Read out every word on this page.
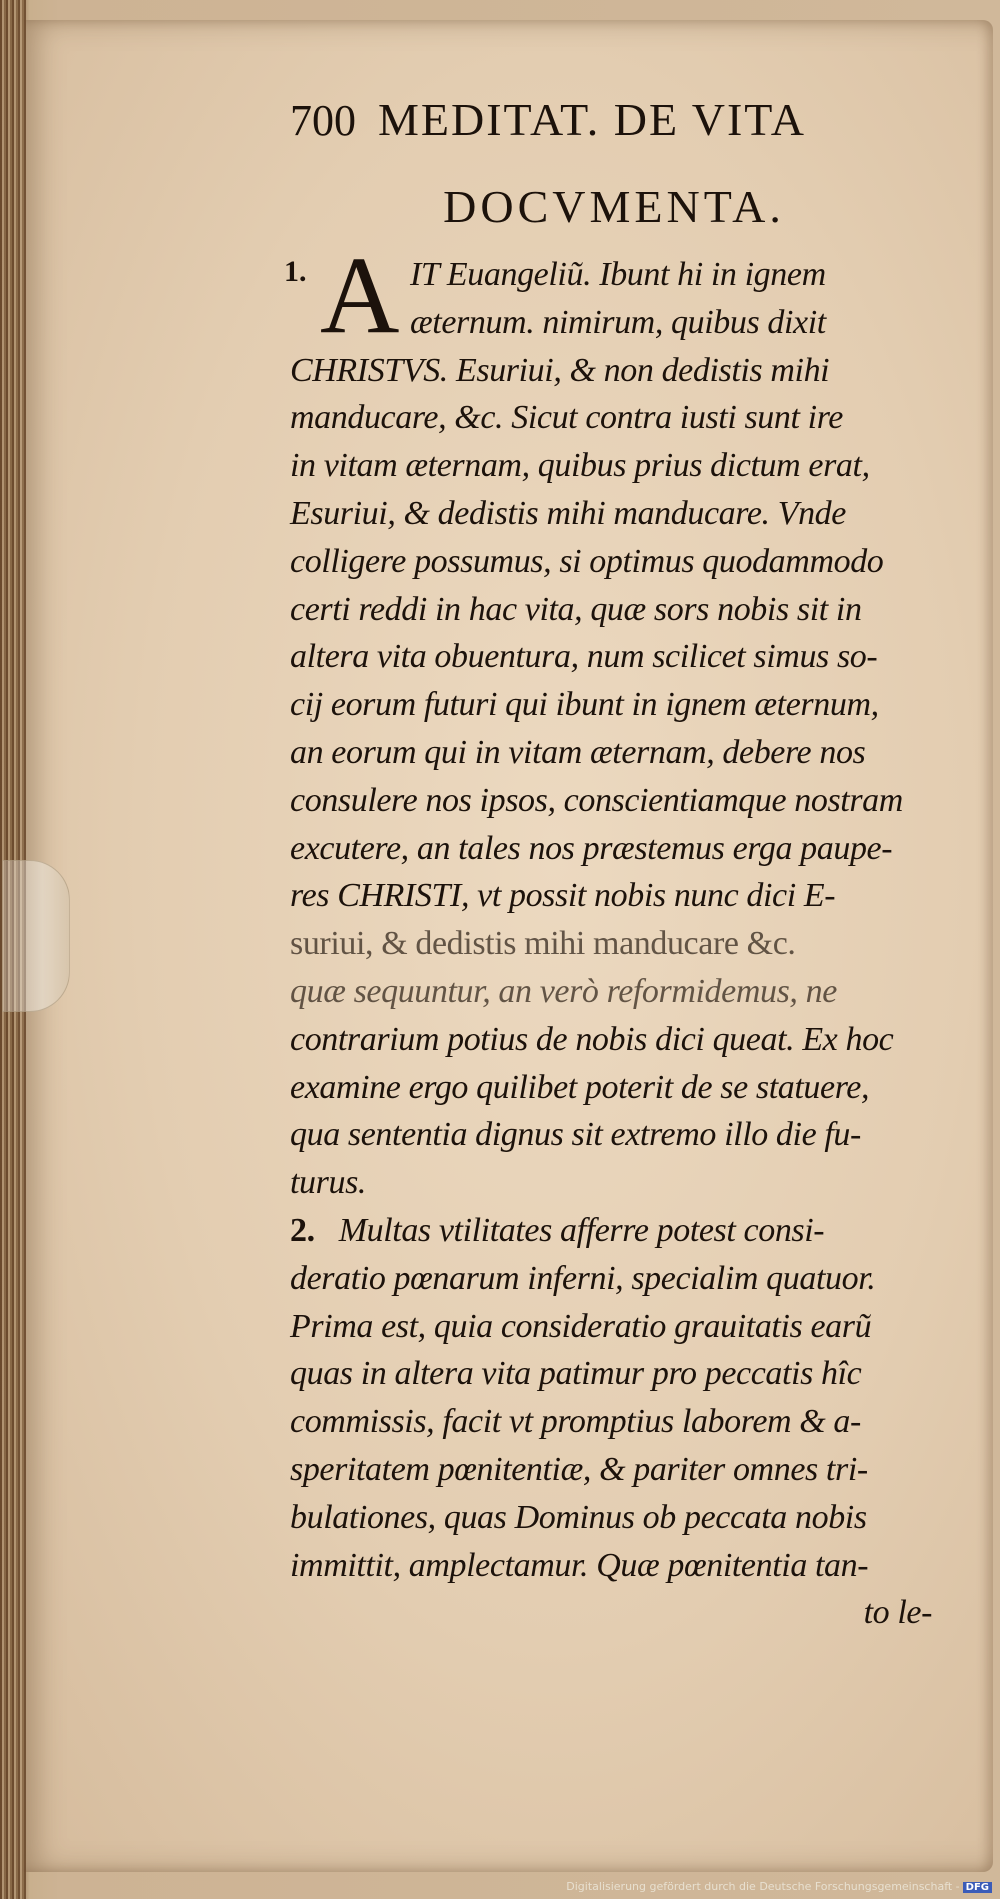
700 MEDITAT. DE VITA
DOCVMENTA.
1. A IT Euangeliũ. Ibunt hi in ignem
æternum. nimirum, quibus dixit
CHRISTVS. Esuriui, & non dedistis mihi
manducare, &c. Sicut contra iusti sunt ire
in vitam æternam, quibus prius dictum erat,
Esuriui, & dedistis mihi manducare. Vnde
colligere possumus, si optimus quodammodo
certi reddi in hac vita, quæ sors nobis sit in
altera vita obuentura, num scilicet simus so-
cij eorum futuri qui ibunt in ignem æternum,
an eorum qui in vitam æternam, debere nos
consulere nos ipsos, conscientiamque nostram
excutere, an tales nos præstemus erga paupe-
res CHRISTI, vt possit nobis nunc dici E-
suriui, & dedistis mihi manducare &c.
quæ sequuntur, an verò reformidemus, ne
contrarium potius de nobis dici queat. Ex hoc
examine ergo quilibet poterit de se statuere,
qua sententia dignus sit extremo illo die fu-
turus.
2. Multas vtilitates afferre potest consi-
deratio pœnarum inferni, specialim quatuor.
Prima est, quia consideratio grauitatis earũ
quas in altera vita patimur pro peccatis hîc
commissis, facit vt promptius laborem & a-
speritatem pœnitentiæ, & pariter omnes tri-
bulationes, quas Dominus ob peccata nobis
immittit, amplectamur. Quæ pœnitentia tan-
to le-
Digitalisierung gefördert durch die Deutsche Forschungsgemeinschaft - DFG
